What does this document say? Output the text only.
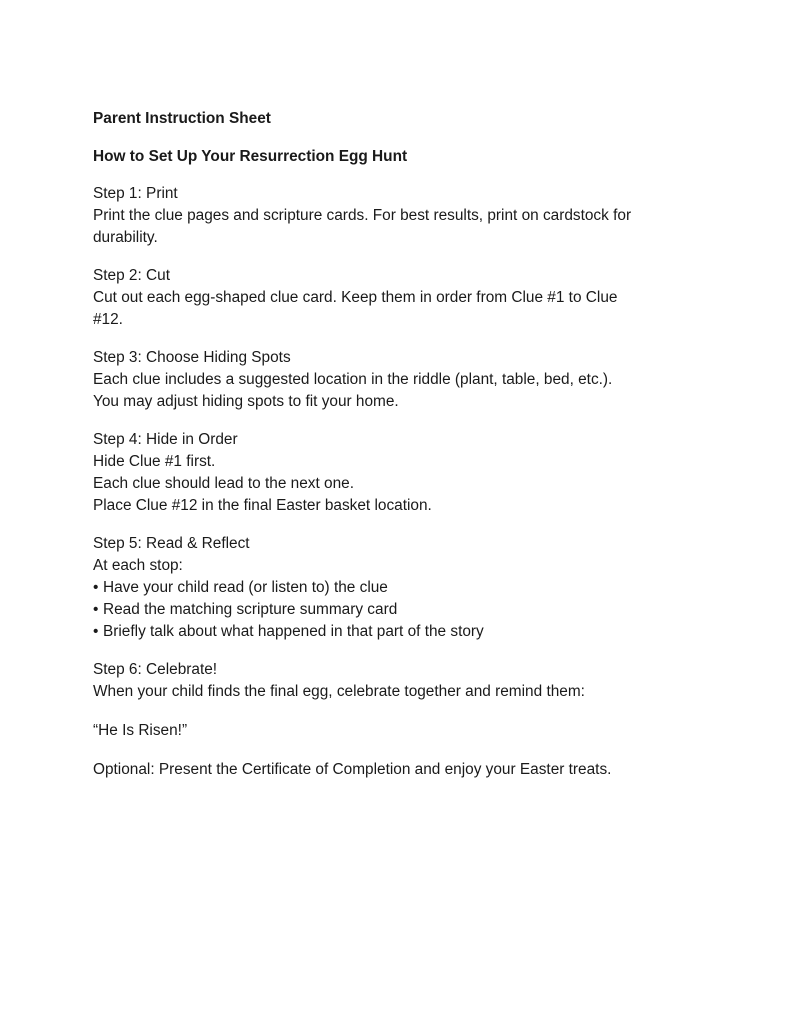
Parent Instruction Sheet

How to Set Up Your Resurrection Egg Hunt

Step 1: Print
Print the clue pages and scripture cards. For best results, print on cardstock for
durability.
Step 2: Cut
Cut out each egg-shaped clue card. Keep them in order from Clue #1 to Clue
#12.
Step 3: Choose Hiding Spots
Each clue includes a suggested location in the riddle (plant, table, bed, etc.).
You may adjust hiding spots to fit your home.
Step 4: Hide in Order
Hide Clue #1 first.
Each clue should lead to the next one.
Place Clue #12 in the final Easter basket location.
Step 5: Read & Reflect
At each stop:
• Have your child read (or listen to) the clue
• Read the matching scripture summary card
• Briefly talk about what happened in that part of the story
Step 6: Celebrate!
When your child finds the final egg, celebrate together and remind them:

“He Is Risen!”

Optional: Present the Certificate of Completion and enjoy your Easter treats.
